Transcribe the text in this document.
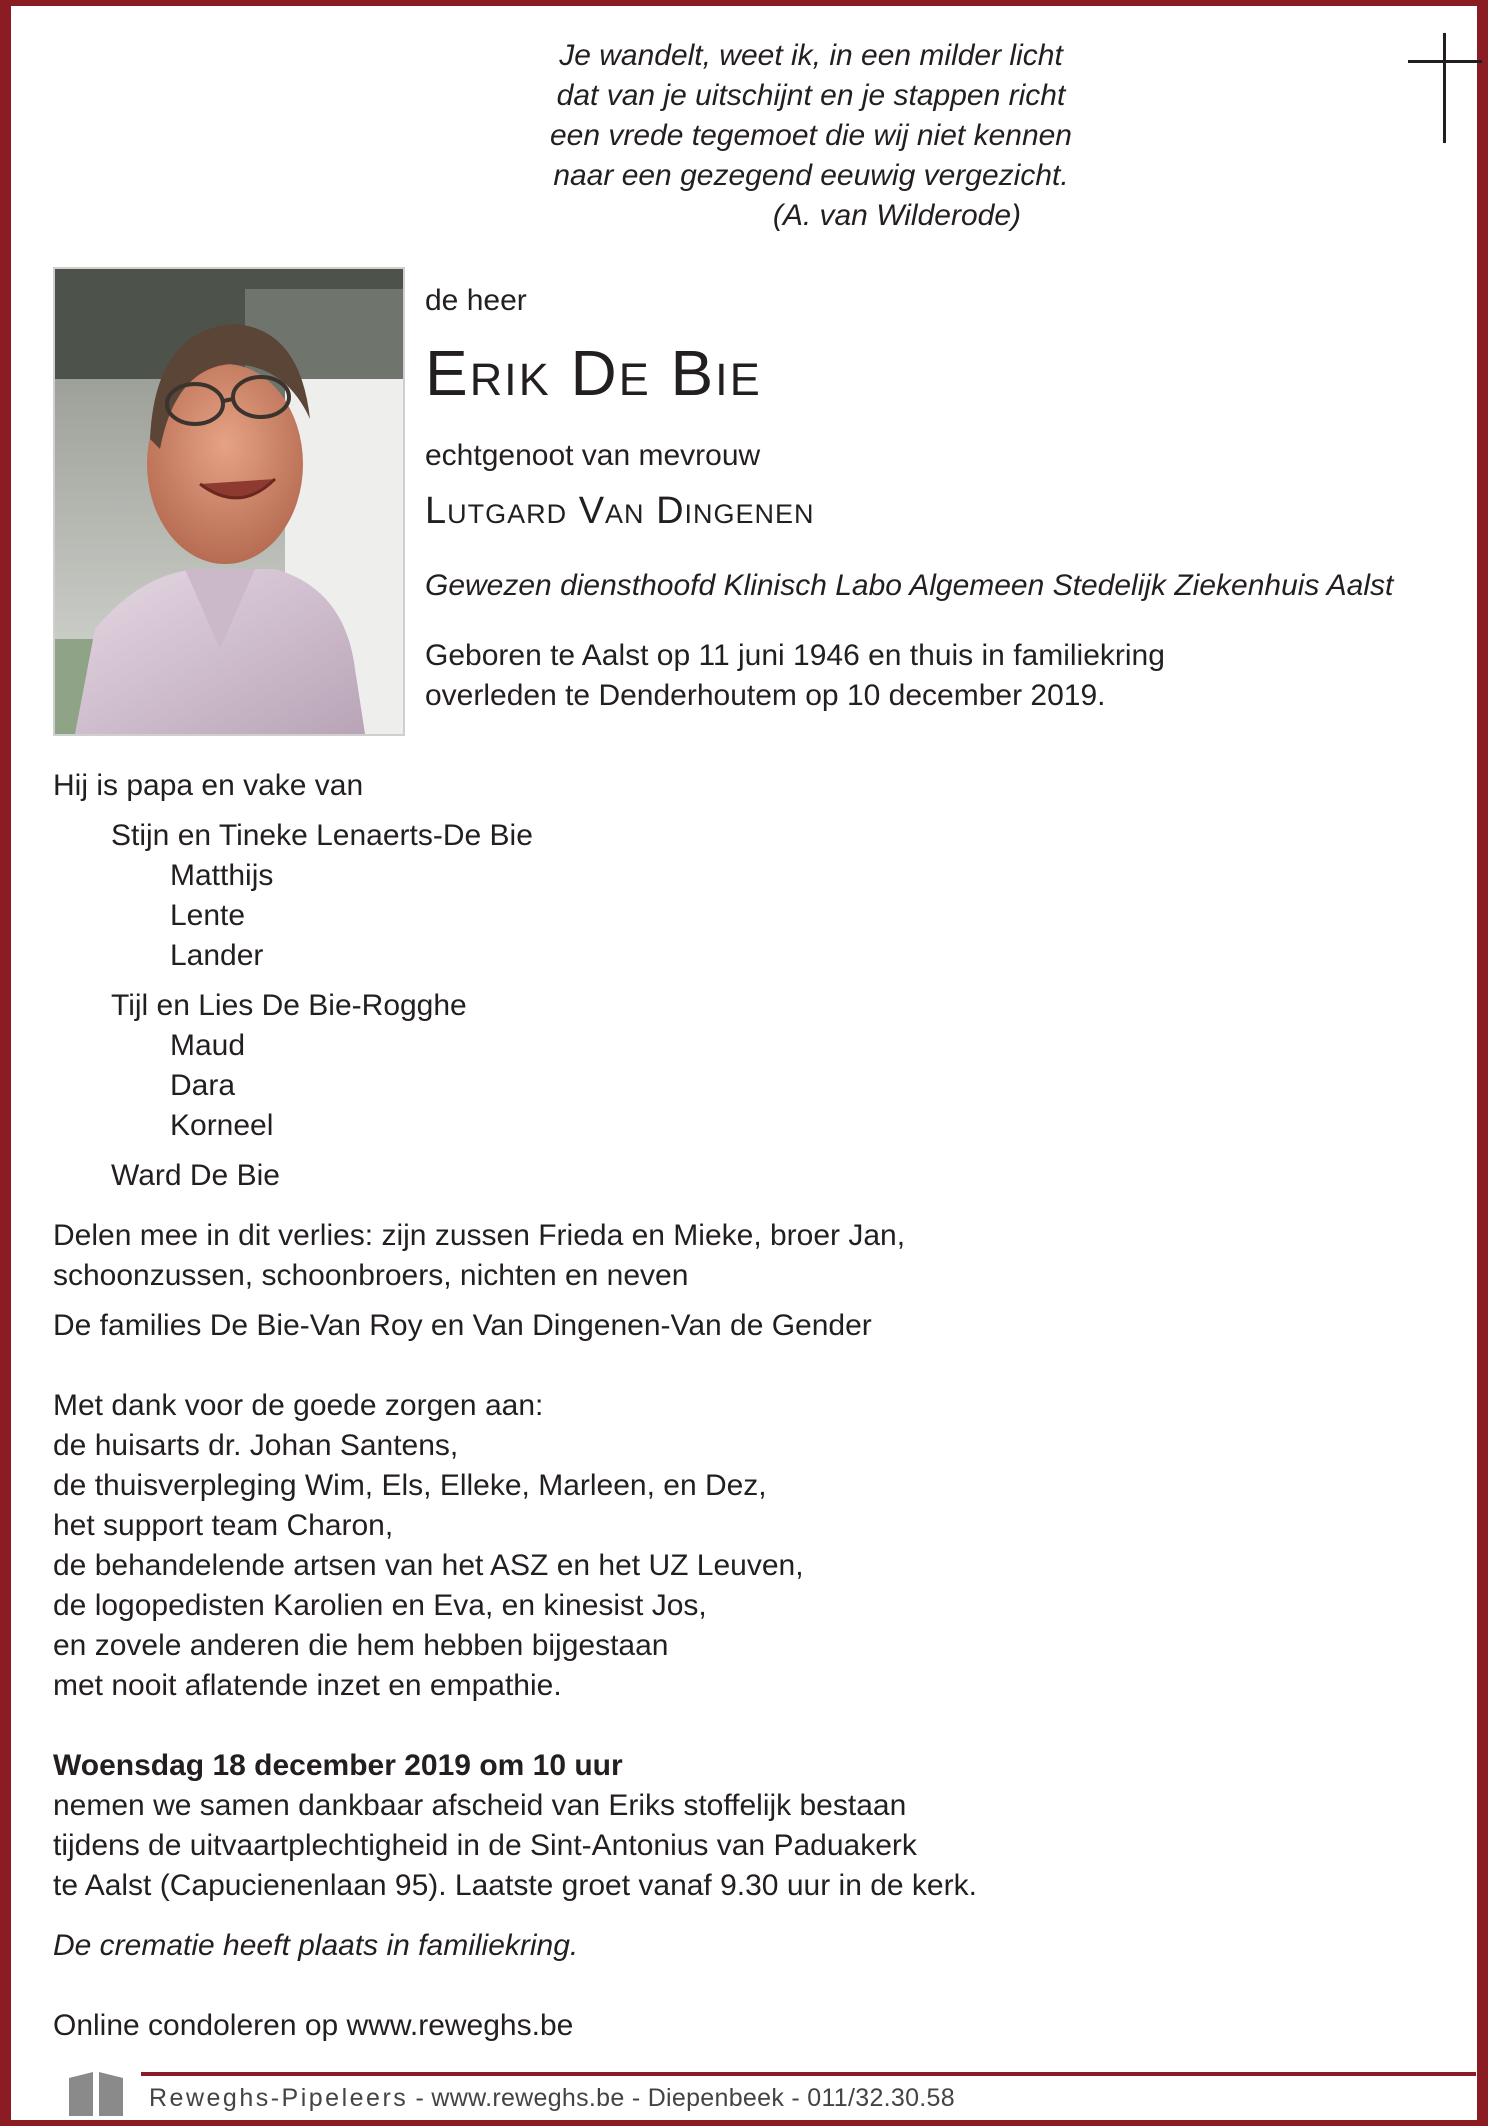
Je wandelt, weet ik, in een milder licht
dat van je uitschijnt en je stappen richt
een vrede tegemoet die wij niet kennen
naar een gezegend eeuwig vergezicht.
(A. van Wilderode)
de heer
Erik De Bie
echtgenoot van mevrouw
Lutgard Van Dingenen
Gewezen diensthoofd Klinisch Labo Algemeen Stedelijk Ziekenhuis Aalst
Geboren te Aalst op 11 juni 1946 en thuis in familiekring
overleden te Denderhoutem op 10 december 2019.
Hij is papa en vake van
Stijn en Tineke Lenaerts-De Bie
Matthijs
Lente
Lander
Tijl en Lies De Bie-Rogghe
Maud
Dara
Korneel
Ward De Bie
Delen mee in dit verlies: zijn zussen Frieda en Mieke, broer Jan,
schoonzussen, schoonbroers, nichten en neven
De families De Bie-Van Roy en Van Dingenen-Van de Gender
Met dank voor de goede zorgen aan:
de huisarts dr. Johan Santens,
de thuisverpleging Wim, Els, Elleke, Marleen, en Dez,
het support team Charon,
de behandelende artsen van het ASZ en het UZ Leuven,
de logopedisten Karolien en Eva, en kinesist Jos,
en zovele anderen die hem hebben bijgestaan
met nooit aflatende inzet en empathie.
Woensdag 18 december 2019 om 10 uur
nemen we samen dankbaar afscheid van Eriks stoffelijk bestaan
tijdens de uitvaartplechtigheid in de Sint-Antonius van Paduakerk
te Aalst (Capucienenlaan 95). Laatste groet vanaf 9.30 uur in de kerk.
De crematie heeft plaats in familiekring.
Online condoleren op www.reweghs.be
Reweghs-Pipeleers - www.reweghs.be - Diepenbeek - 011/32.30.58
